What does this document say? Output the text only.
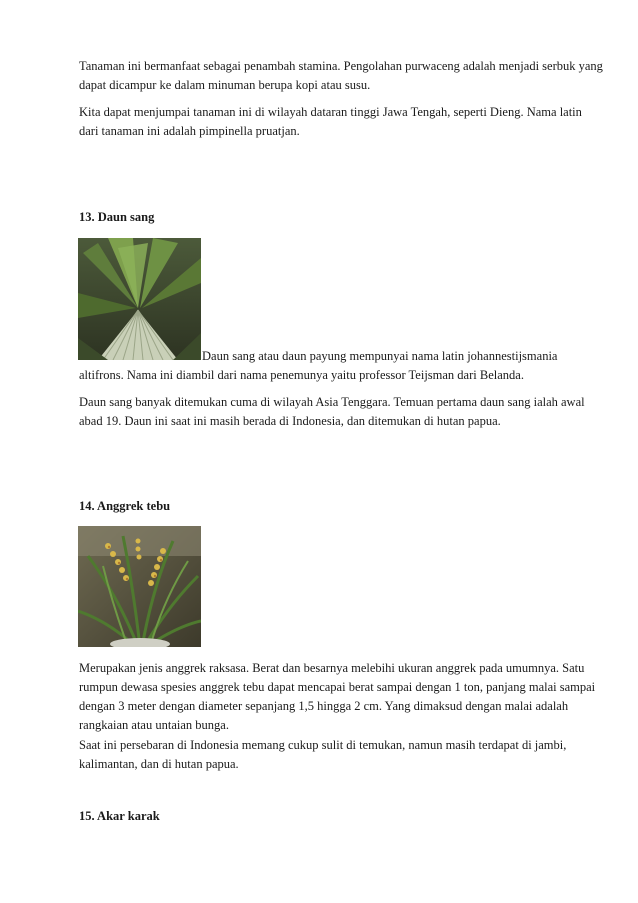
Tanaman ini bermanfaat sebagai penambah stamina. Pengolahan purwaceng adalah menjadi serbuk yang dapat dicampur ke dalam minuman berupa kopi atau susu.

Kita dapat menjumpai tanaman ini di wilayah dataran tinggi Jawa Tengah, seperti Dieng. Nama latin dari tanaman ini adalah pimpinella pruatjan.

13. Daun sang

Daun sang atau daun payung mempunyai nama latin johannestijsmania altifrons. Nama ini diambil dari nama penemunya yaitu professor Teijsman dari Belanda.

Daun sang banyak ditemukan cuma di wilayah Asia Tenggara. Temuan pertama daun sang ialah awal abad 19. Daun ini saat ini masih berada di Indonesia, dan ditemukan di hutan papua.

14. Anggrek tebu

Merupakan jenis anggrek raksasa. Berat dan besarnya melebihi ukuran anggrek pada umumnya. Satu rumpun dewasa spesies anggrek tebu dapat mencapai berat sampai dengan 1 ton, panjang malai sampai dengan 3 meter dengan diameter sepanjang 1,5 hingga 2 cm. Yang dimaksud dengan malai adalah rangkaian atau untaian bunga.

Saat ini persebaran di Indonesia memang cukup sulit di temukan, namun masih terdapat di jambi, kalimantan, dan di hutan papua.

15. Akar karak
